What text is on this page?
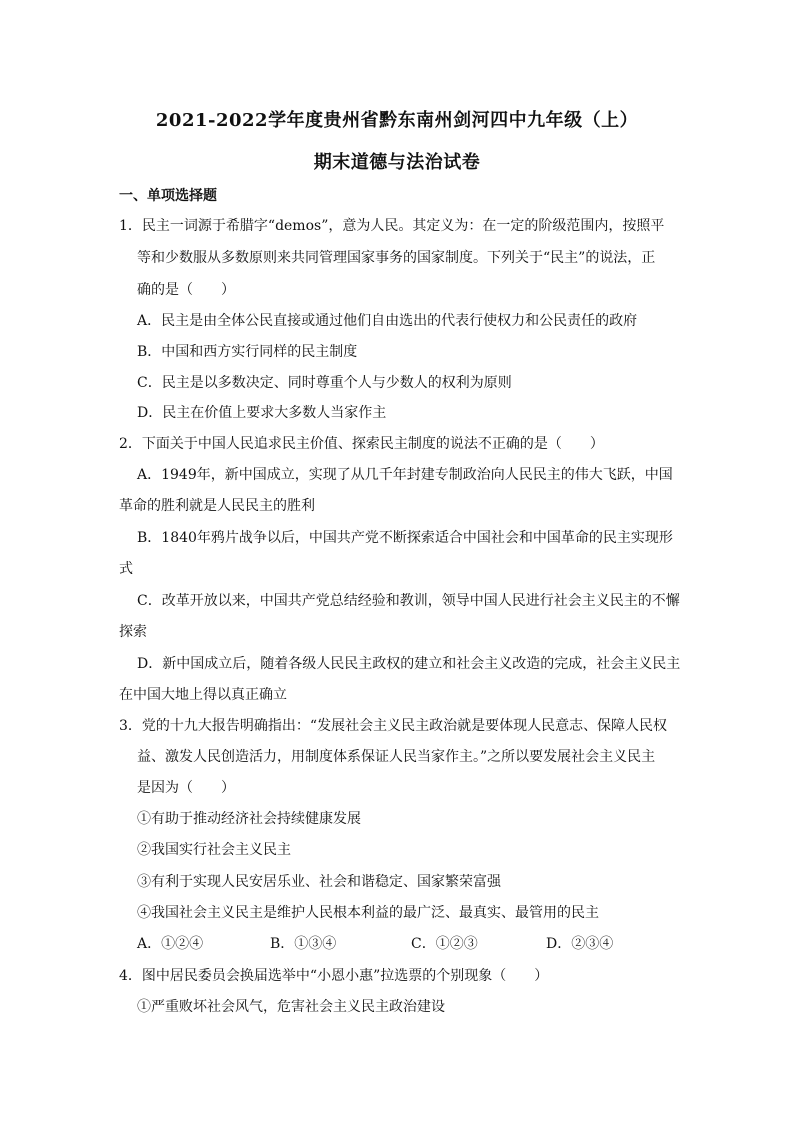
2021-2022学年度贵州省黔东南州剑河四中九年级（上）
期末道德与法治试卷
一、单项选择题
1．民主一词源于希腊字“demos”，意为人民。其定义为：在一定的阶级范围内，按照平
等和少数服从多数原则来共同管理国家事务的国家制度。下列关于“民主”的说法，正
确的是（　　）
A．民主是由全体公民直接或通过他们自由选出的代表行使权力和公民责任的政府
B．中国和西方实行同样的民主制度
C．民主是以多数决定、同时尊重个人与少数人的权利为原则
D．民主在价值上要求大多数人当家作主
2．下面关于中国人民追求民主价值、探索民主制度的说法不正确的是（　　）
A．1949年，新中国成立，实现了从几千年封建专制政治向人民民主的伟大飞跃，中国
革命的胜利就是人民民主的胜利
B．1840年鸦片战争以后，中国共产党不断探索适合中国社会和中国革命的民主实现形
式
C．改革开放以来，中国共产党总结经验和教训，领导中国人民进行社会主义民主的不懈
探索
D．新中国成立后，随着各级人民民主政权的建立和社会主义改造的完成，社会主义民主
在中国大地上得以真正确立
3．党的十九大报告明确指出：“发展社会主义民主政治就是要体现人民意志、保障人民权
益、激发人民创造活力，用制度体系保证人民当家作主。”之所以要发展社会主义民主
是因为（　　）
①有助于推动经济社会持续健康发展
②我国实行社会主义民主
③有利于实现人民安居乐业、社会和谐稳定、国家繁荣富强
④我国社会主义民主是维护人民根本利益的最广泛、最真实、最管用的民主
A．①②④	B．①③④	C．①②③	D．②③④
4．图中居民委员会换届选举中“小恩小惠”拉选票的个别现象（　　）
①严重败坏社会风气，危害社会主义民主政治建设
